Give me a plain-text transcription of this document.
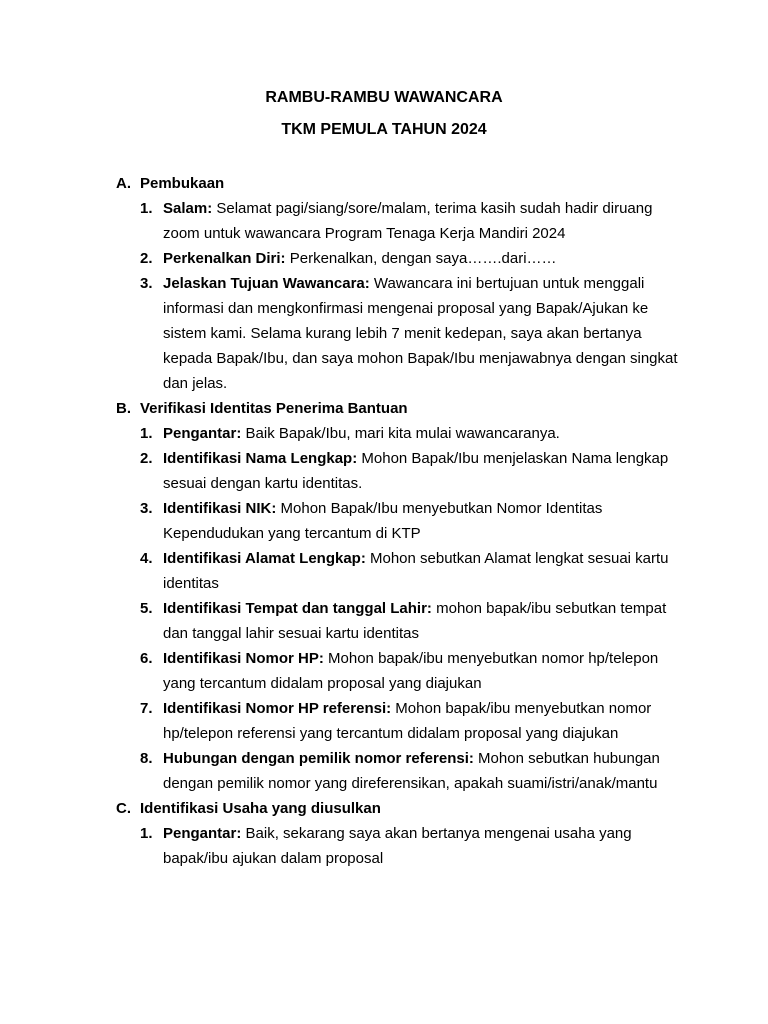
RAMBU-RAMBU WAWANCARA

TKM PEMULA TAHUN 2024

A. Pembukaan
1. Salam: Selamat pagi/siang/sore/malam, terima kasih sudah hadir diruang zoom untuk wawancara Program Tenaga Kerja Mandiri 2024
2. Perkenalkan Diri: Perkenalkan, dengan saya…….dari……
3. Jelaskan Tujuan Wawancara: Wawancara ini bertujuan untuk menggali informasi dan mengkonfirmasi mengenai proposal yang Bapak/Ajukan ke sistem kami. Selama kurang lebih 7 menit kedepan, saya akan bertanya kepada Bapak/Ibu, dan saya mohon Bapak/Ibu menjawabnya dengan singkat dan jelas.
B. Verifikasi Identitas Penerima Bantuan
1. Pengantar: Baik Bapak/Ibu, mari kita mulai wawancaranya.
2. Identifikasi Nama Lengkap: Mohon Bapak/Ibu menjelaskan Nama lengkap sesuai dengan kartu identitas.
3. Identifikasi NIK: Mohon Bapak/Ibu menyebutkan Nomor Identitas Kependudukan yang tercantum di KTP
4. Identifikasi Alamat Lengkap: Mohon sebutkan Alamat lengkat sesuai kartu identitas
5. Identifikasi Tempat dan tanggal Lahir: mohon bapak/ibu sebutkan tempat dan tanggal lahir sesuai kartu identitas
6. Identifikasi Nomor HP: Mohon bapak/ibu menyebutkan nomor hp/telepon yang tercantum didalam proposal yang diajukan
7. Identifikasi Nomor HP referensi: Mohon bapak/ibu menyebutkan nomor hp/telepon referensi yang tercantum didalam proposal yang diajukan
8. Hubungan dengan pemilik nomor referensi: Mohon sebutkan hubungan dengan pemilik nomor yang direferensikan, apakah suami/istri/anak/mantu
C. Identifikasi Usaha yang diusulkan
1. Pengantar: Baik, sekarang saya akan bertanya mengenai usaha yang bapak/ibu ajukan dalam proposal
